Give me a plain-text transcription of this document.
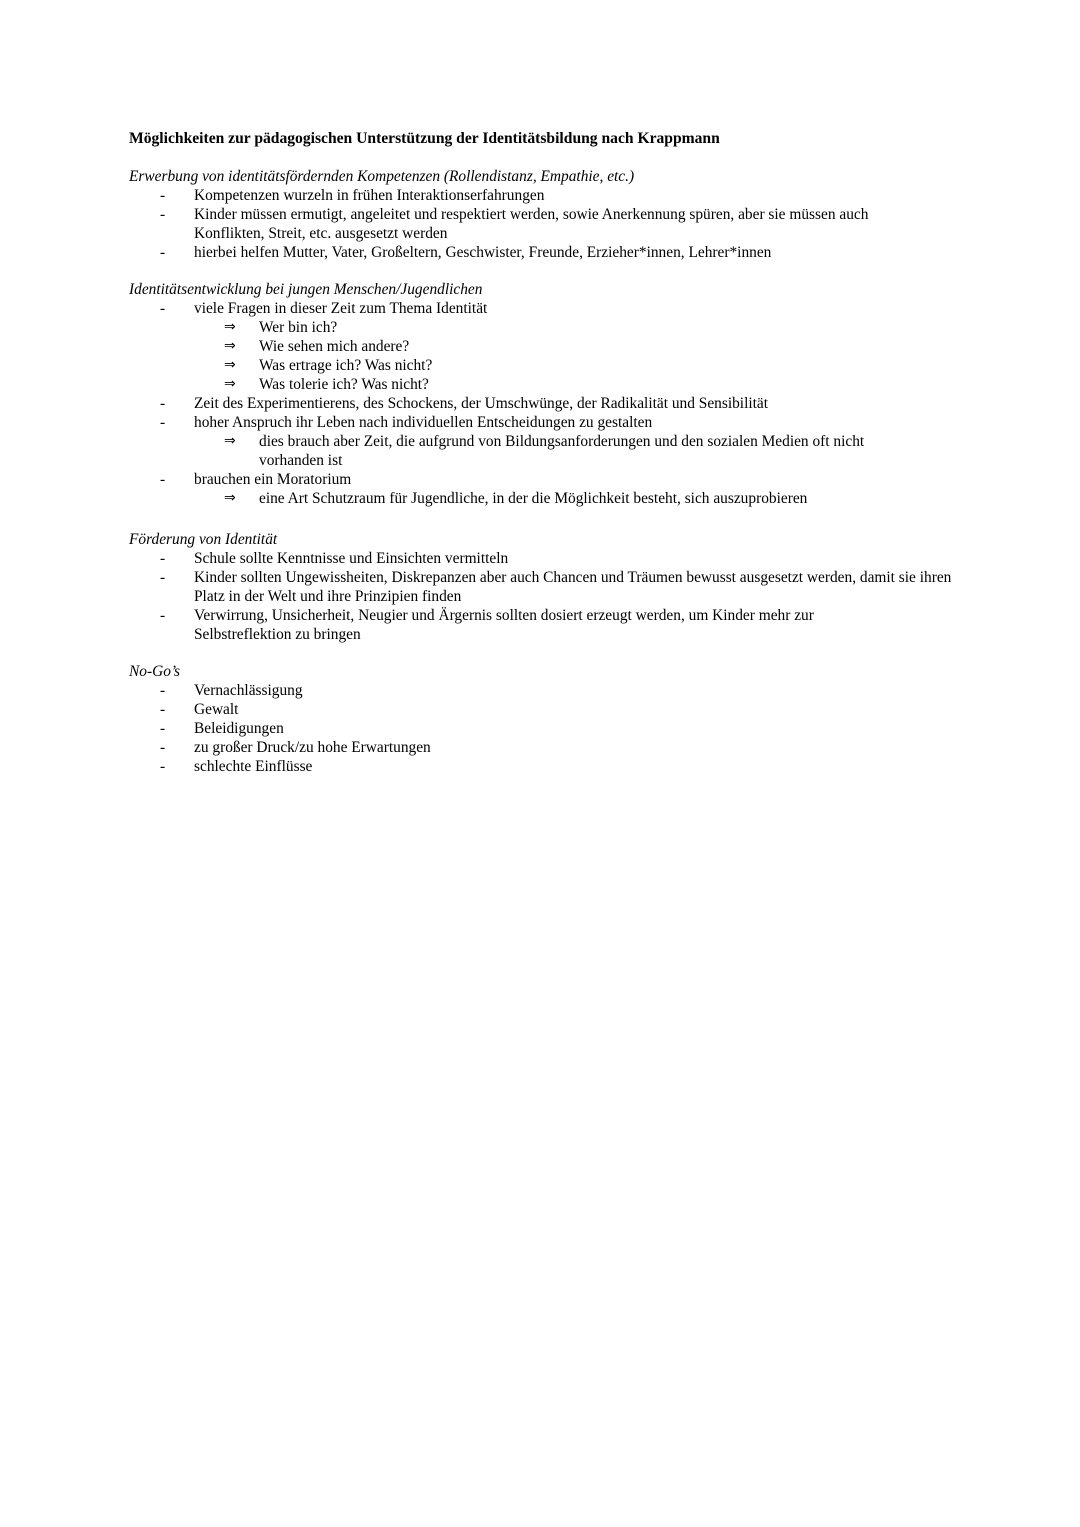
Möglichkeiten zur pädagogischen Unterstützung der Identitätsbildung nach Krappmann
Erwerbung von identitätsfördernden Kompetenzen (Rollendistanz, Empathie, etc.)
- Kompetenzen wurzeln in frühen Interaktionserfahrungen
- Kinder müssen ermutigt, angeleitet und respektiert werden, sowie Anerkennung spüren, aber sie müssen auch Konflikten, Streit, etc. ausgesetzt werden
- hierbei helfen Mutter, Vater, Großeltern, Geschwister, Freunde, Erzieher*innen, Lehrer*innen
Identitätsentwicklung bei jungen Menschen/Jugendlichen
- viele Fragen in dieser Zeit zum Thema Identität
⇒ Wer bin ich?
⇒ Wie sehen mich andere?
⇒ Was ertrage ich? Was nicht?
⇒ Was tolerie ich? Was nicht?
- Zeit des Experimentierens, des Schockens, der Umschwünge, der Radikalität und Sensibilität
- hoher Anspruch ihr Leben nach individuellen Entscheidungen zu gestalten
⇒ dies brauch aber Zeit, die aufgrund von Bildungsanforderungen und den sozialen Medien oft nicht vorhanden ist
- brauchen ein Moratorium
⇒ eine Art Schutzraum für Jugendliche, in der die Möglichkeit besteht, sich auszuprobieren
Förderung von Identität
- Schule sollte Kenntnisse und Einsichten vermitteln
- Kinder sollten Ungewissheiten, Diskrepanzen aber auch Chancen und Träumen bewusst ausgesetzt werden, damit sie ihren Platz in der Welt und ihre Prinzipien finden
- Verwirrung, Unsicherheit, Neugier und Ärgernis sollten dosiert erzeugt werden, um Kinder mehr zur Selbstreflektion zu bringen
No-Go’s
- Vernachlässigung
- Gewalt
- Beleidigungen
- zu großer Druck/zu hohe Erwartungen
- schlechte Einflüsse
